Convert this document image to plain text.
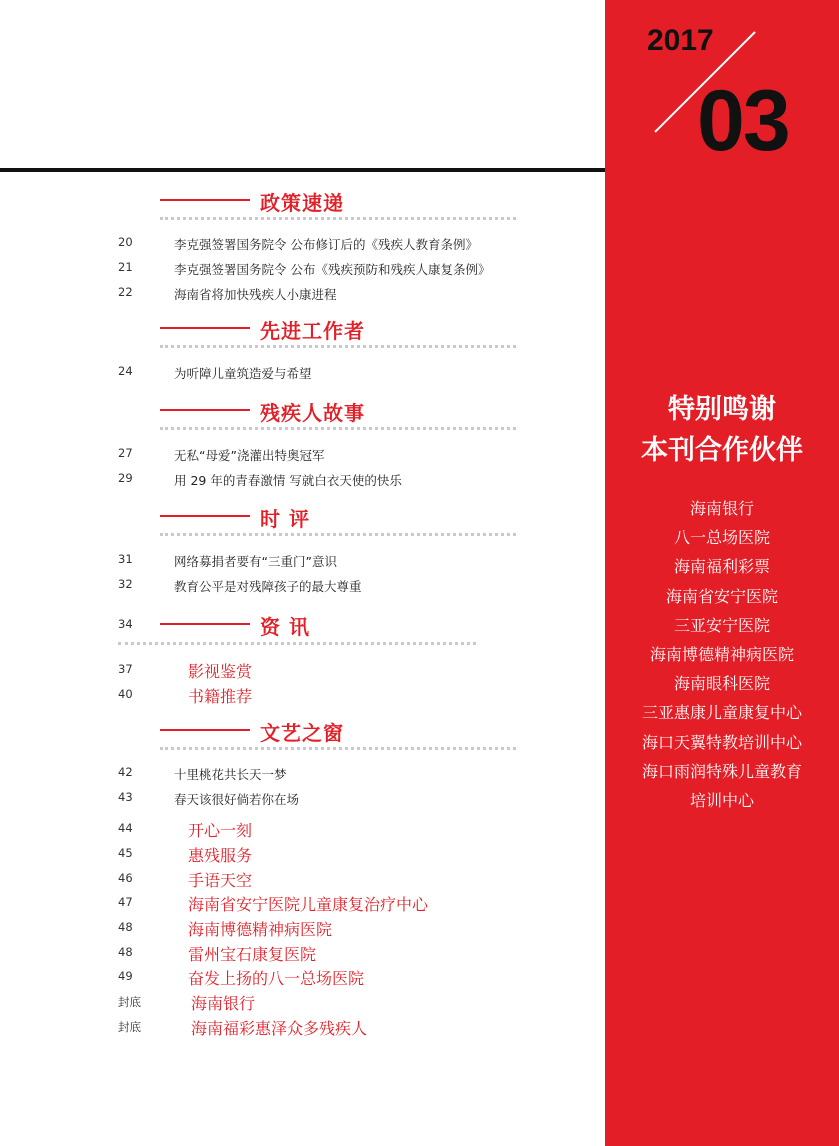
2017
03
特别鸣谢
本刊合作伙伴
海南银行
八一总场医院
海南福利彩票
海南省安宁医院
三亚安宁医院
海南博德精神病医院
海南眼科医院
三亚惠康儿童康复中心
海口天翼特教培训中心
海口雨润特殊儿童教育
培训中心
政策速递
20	李克强签署国务院令 公布修订后的《残疾人教育条例》
21	李克强签署国务院令 公布《残疾预防和残疾人康复条例》
22	海南省将加快残疾人小康进程
先进工作者
24	为听障儿童筑造爱与希望
残疾人故事
27	无私“母爱”浇灌出特奥冠军
29	用 29 年的青春激情 写就白衣天使的快乐
时 评
31	网络募捐者要有“三重门”意识
32	教育公平是对残障孩子的最大尊重
34	资 讯
37	影视鉴赏
40	书籍推荐
文艺之窗
42	十里桃花共长天一梦
43	春天该很好倘若你在场
44	开心一刻
45	惠残服务
46	手语天空
47	海南省安宁医院儿童康复治疗中心
48	海南博德精神病医院
48	雷州宝石康复医院
49	奋发上扬的八一总场医院
封底	海南银行
封底	海南福彩惠泽众多残疾人
